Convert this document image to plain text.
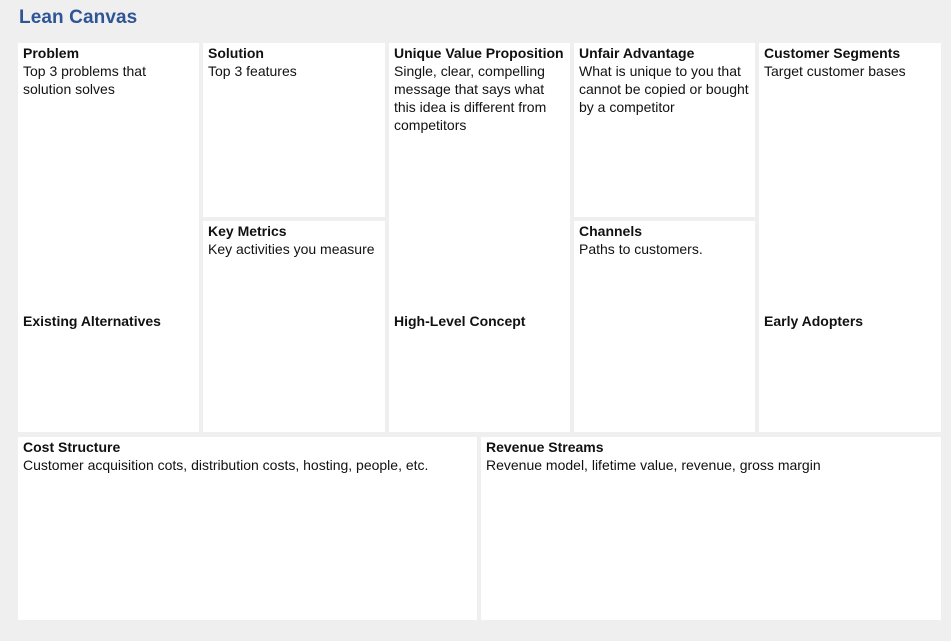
Lean Canvas
Problem
Top 3 problems that solution solves
Existing Alternatives
Solution
Top 3 features
Key Metrics
Key activities you measure
Unique Value Proposition
Single, clear, compelling message that says what this idea is different from competitors
High-Level Concept
Unfair Advantage
What is unique to you that cannot be copied or bought by a competitor
Channels
Paths to customers.
Customer Segments
Target customer bases
Early Adopters
Cost Structure
Customer acquisition cots, distribution costs, hosting, people, etc.
Revenue Streams
Revenue model, lifetime value, revenue, gross margin
